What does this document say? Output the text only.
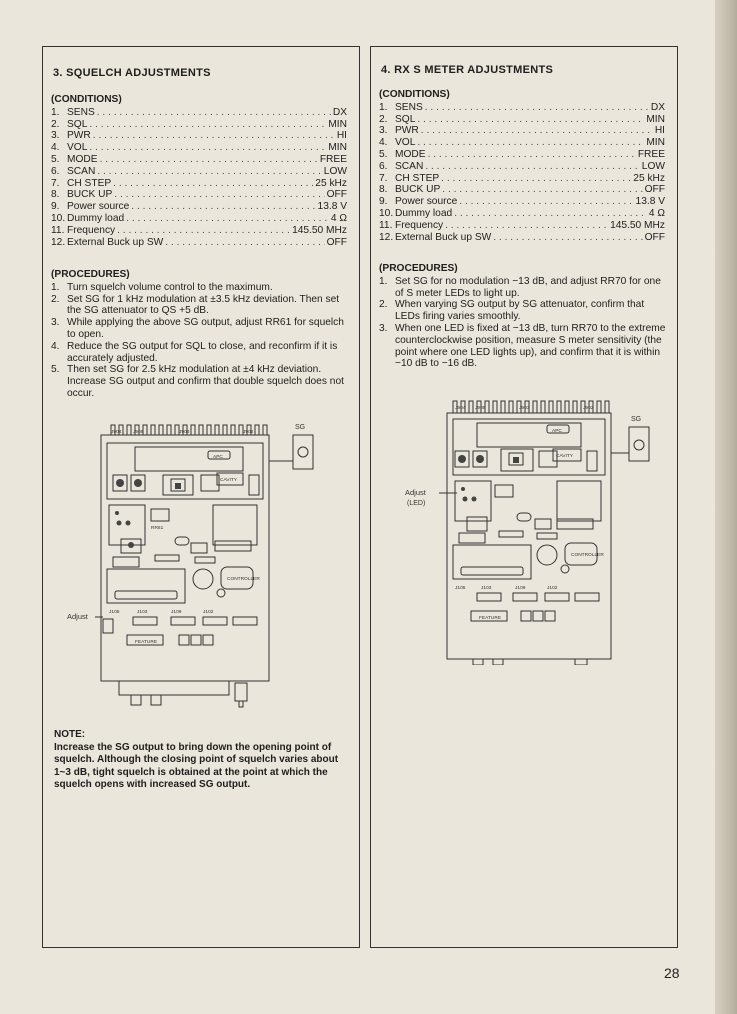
3. SQUELCH ADJUSTMENTS
(CONDITIONS)
1. SENS . . .	DX
2. SQL . . .	MIN
3. PWR . . .	HI
4. VOL . . .	MIN
5. MODE . . .	FREE
6. SCAN . . .	LOW
7. CH STEP . . .	25 kHz
8. BUCK UP . . .	OFF
9. Power source . . .	13.8 V
10. Dummy load . . .	4 Ω
11. Frequency . . .	145.50 MHz
12. External Buck up SW . . .	OFF
(PROCEDURES)
1. Turn squelch volume control to the maximum.
2. Set SG for 1 kHz modulation at ±3.5 kHz deviation. Then set the SG attenuator to QS +5 dB.
3. While applying the above SG output, adjust RR61 for squelch to open.
4. Reduce the SG output for SQL to close, and reconfirm if it is accurately adjusted.
5. Then set SG for 2.5 kHz modulation at ±4 kHz deviation. Increase SG output and confirm that double squelch does not occur.
J904 J905	J903	J902
APC
CAVITY
RR61
CONTROLLER
J105	J103	J109	J102
FEATURE
SG
Adjust
NOTE:
Increase the SG output to bring down the opening point of squelch. Although the closing point of squelch varies about 1~3 dB, tight squelch is obtained at the point at which the squelch opens with increased SG output.
4. RX S METER ADJUSTMENTS
(CONDITIONS)
1. SENS . . .	DX
2. SQL . . .	MIN
3. PWR . . .	HI
4. VOL . . .	MIN
5. MODE . . .	FREE
6. SCAN . . .	LOW
7. CH STEP . . .	25 kHz
8. BUCK UP . . .	OFF
9. Power source . . .	13.8 V
10. Dummy load . . .	4 Ω
11. Frequency . . .	145.50 MHz
12. External Buck up SW . . .	OFF
(PROCEDURES)
1. Set SG for no modulation −13 dB, and adjust RR70 for one of S meter LEDs to light up.
2. When varying SG output by SG attenuator, confirm that LEDs firing varies smoothly.
3. When one LED is fixed at −13 dB, turn RR70 to the extreme counterclockwise position, measure S meter sensitivity (the point where one LED lights up), and confirm that it is within −10 dB to −16 dB.
J904 J905	J903	J902
APC
CAVITY
CONTROLLER
J105	J103	J109	J102
FEATURE
SG
Adjust
(LED)
28
